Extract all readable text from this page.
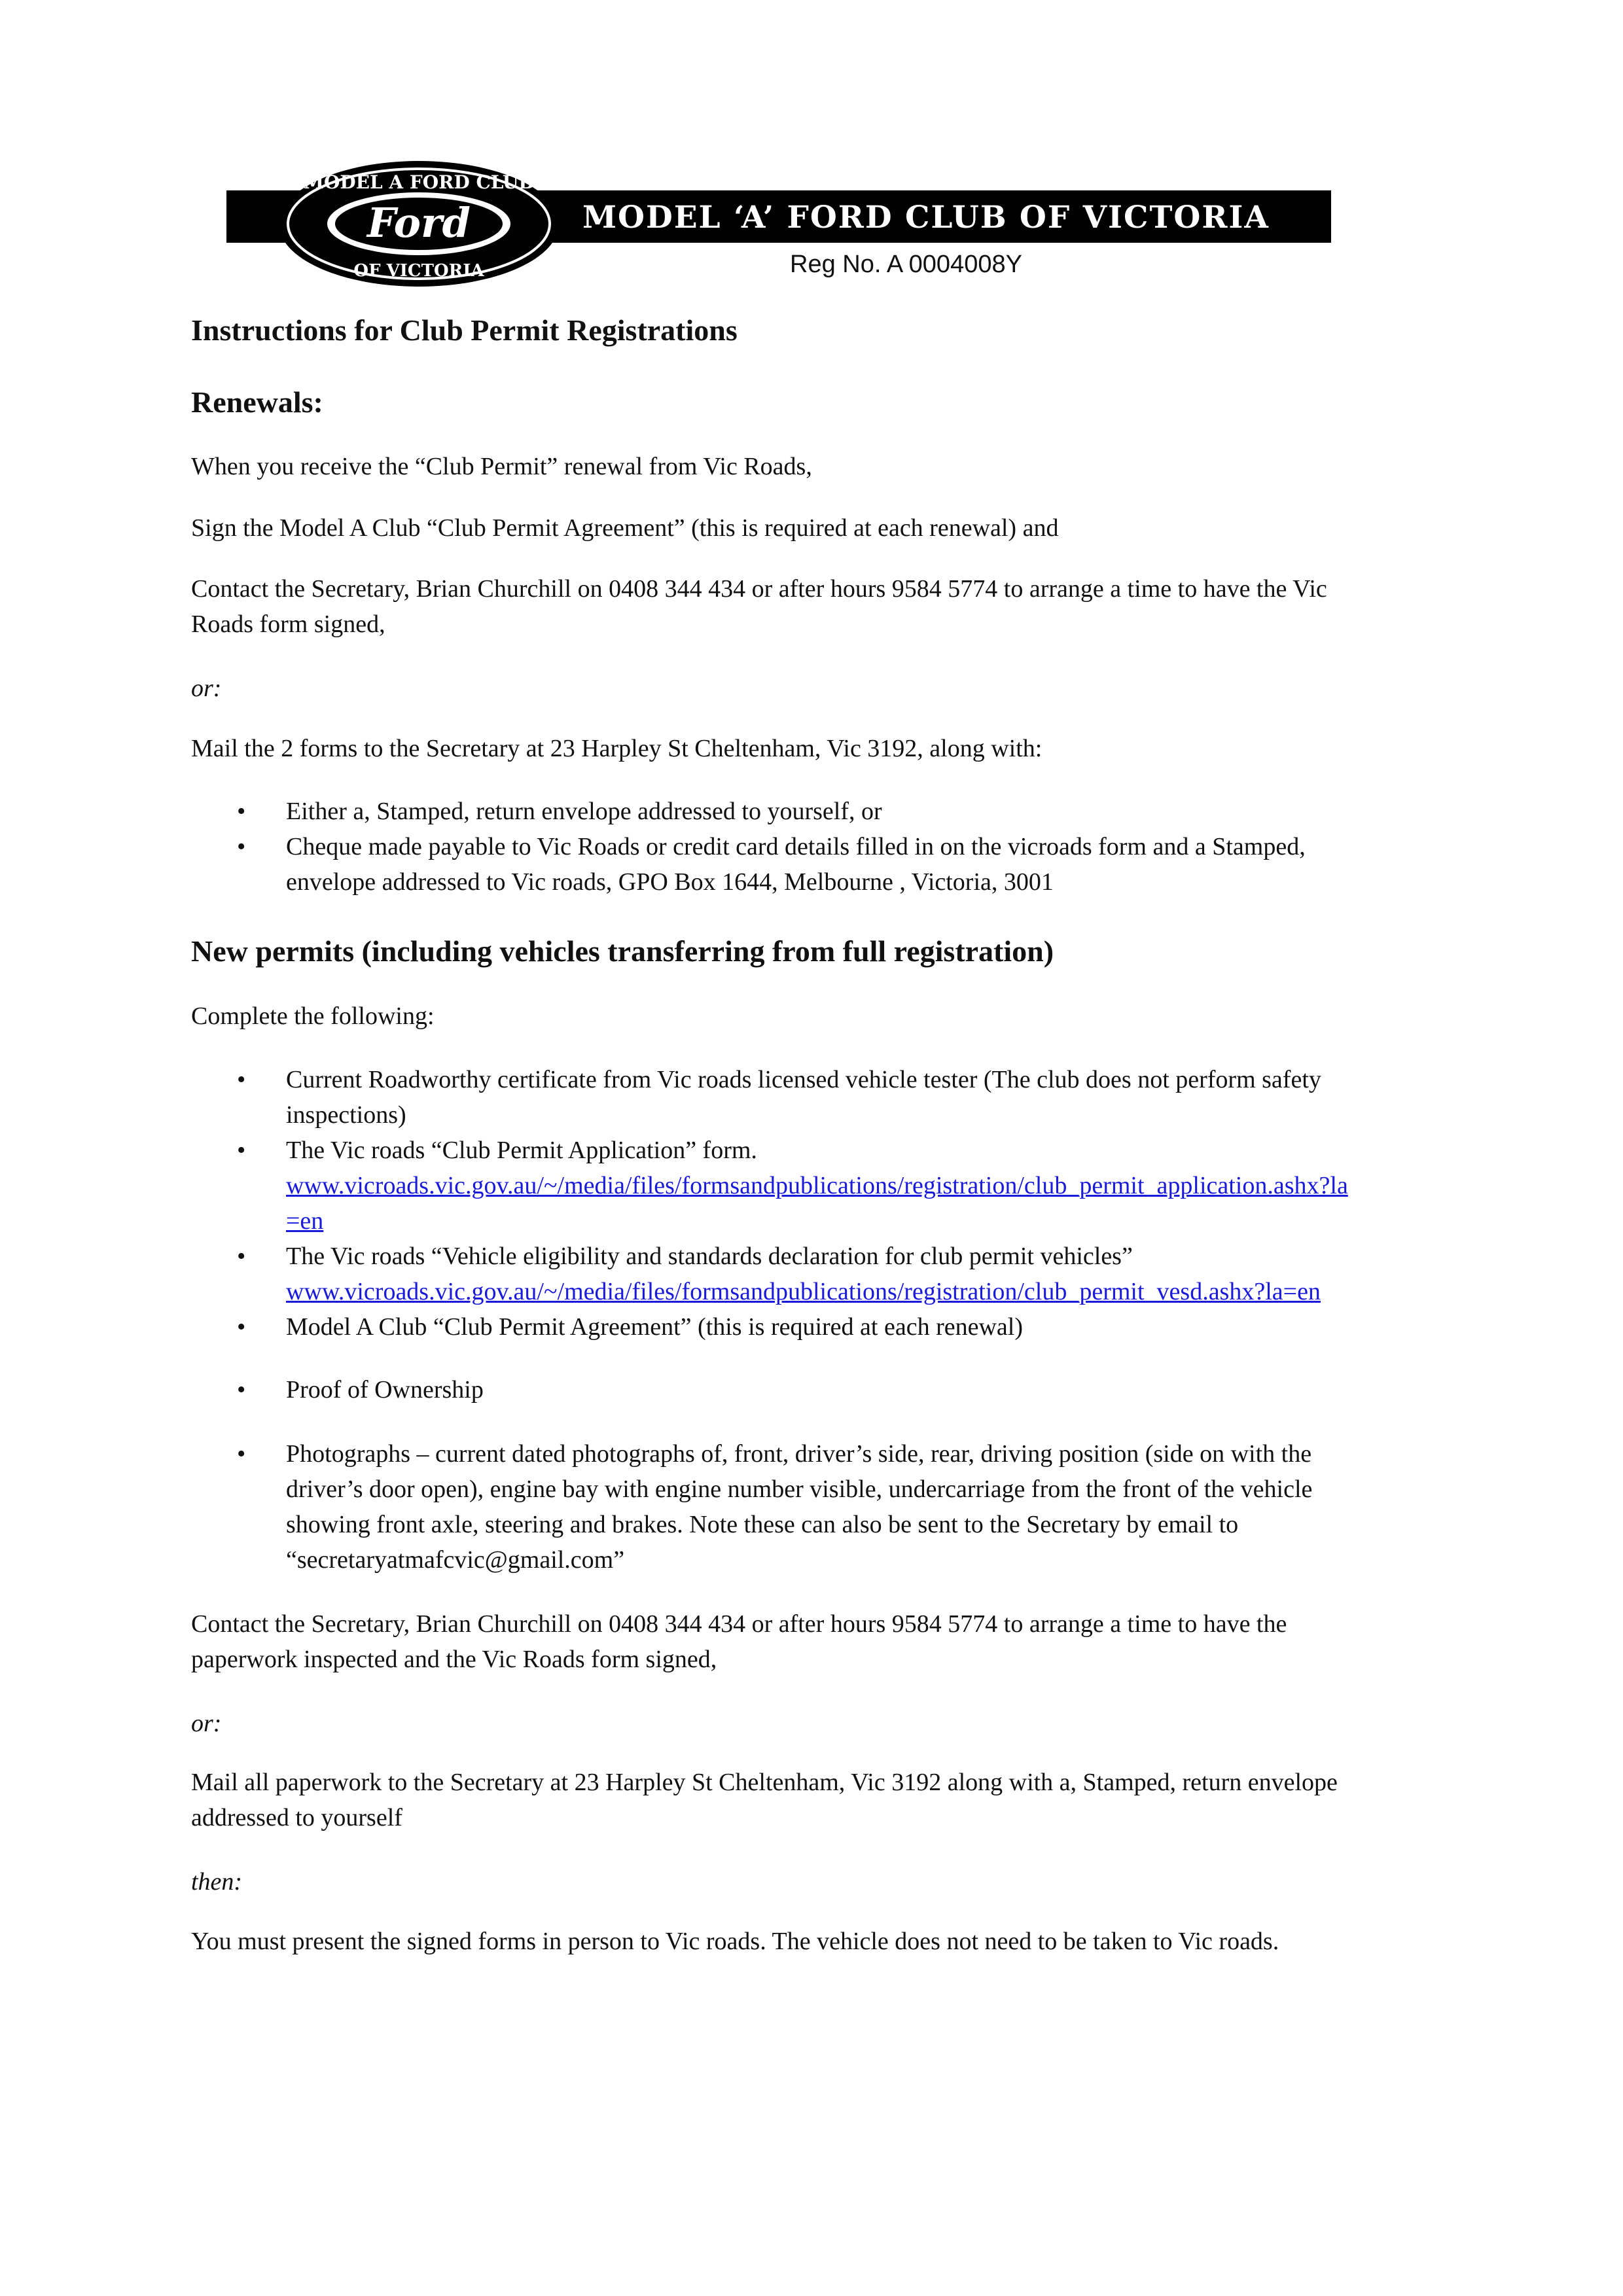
MODEL ‘A’ FORD CLUB OF VICTORIA
MODEL A FORD CLUB
Ford
OF VICTORIA	Reg No. A 0004008Y
Instructions for Club Permit Registrations
Renewals:
When you receive the “Club Permit” renewal from Vic Roads,
Sign the Model A Club “Club Permit Agreement” (this is required at each renewal) and
Contact the Secretary, Brian Churchill on 0408 344 434 or after hours 9584 5774 to arrange a time to have the Vic
Roads form signed,
or:
Mail the 2 forms to the Secretary at 23 Harpley St Cheltenham, Vic 3192, along with:
• Either a, Stamped, return envelope addressed to yourself, or
• Cheque made payable to Vic Roads or credit card details filled in on the vicroads form and a Stamped,
envelope addressed to Vic roads, GPO Box 1644, Melbourne , Victoria, 3001
New permits (including vehicles transferring from full registration)
Complete the following:
• Current Roadworthy certificate from Vic roads licensed vehicle tester (The club does not perform safety
inspections)
• The Vic roads “Club Permit Application” form.
www.vicroads.vic.gov.au/~/media/files/formsandpublications/registration/club_permit_application.ashx?la
=en
• The Vic roads “Vehicle eligibility and standards declaration for club permit vehicles”
www.vicroads.vic.gov.au/~/media/files/formsandpublications/registration/club_permit_vesd.ashx?la=en
• Model A Club “Club Permit Agreement” (this is required at each renewal)
• Proof of Ownership
• Photographs – current dated photographs of, front, driver’s side, rear, driving position (side on with the
driver’s door open), engine bay with engine number visible, undercarriage from the front of the vehicle
showing front axle, steering and brakes. Note these can also be sent to the Secretary by email to
“secretaryatmafcvic@gmail.com”
Contact the Secretary, Brian Churchill on 0408 344 434 or after hours 9584 5774 to arrange a time to have the
paperwork inspected and the Vic Roads form signed,
or:
Mail all paperwork to the Secretary at 23 Harpley St Cheltenham, Vic 3192 along with a, Stamped, return envelope
addressed to yourself
then:
You must present the signed forms in person to Vic roads. The vehicle does not need to be taken to Vic roads.
